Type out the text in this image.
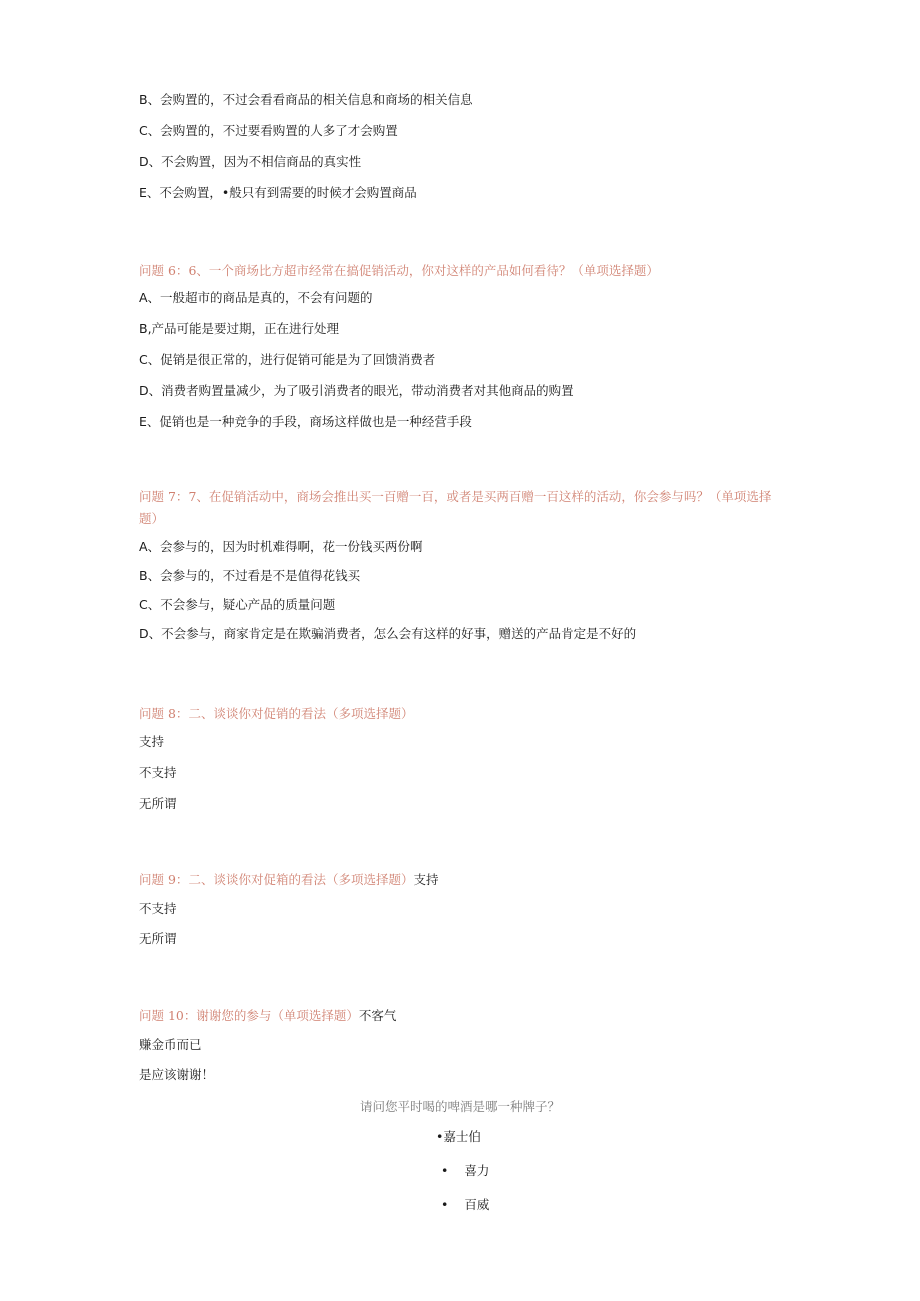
B、会购置的，不过会看看商品的相关信息和商场的相关信息

C、会购置的，不过要看购置的人多了才会购置

D、不会购置，因为不相信商品的真实性

E、不会购置，•般只有到需要的时候才会购置商品

问题 6：6、一个商场比方超市经常在搞促销活动，你对这样的产品如何看待？（单项选择题）

A、一般超市的商品是真的，不会有问题的

B,产品可能是要过期，正在进行处理

C、促销是很正常的，进行促销可能是为了回馈消费者

D、消费者购置量减少，为了吸引消费者的眼光，带动消费者对其他商品的购置

E、促销也是一种竞争的手段，商场这样做也是一种经营手段

问题 7：7、在促销活动中，商场会推出买一百赠一百，或者是买两百赠一百这样的活动，你会参与吗？（单项选择题）

A、会参与的，因为时机难得啊，花一份钱买两份啊

B、会参与的，不过看是不是值得花钱买

C、不会参与，疑心产品的质量问题

D、不会参与，商家肯定是在欺骗消费者，怎么会有这样的好事，赠送的产品肯定是不好的

问题 8：二、谈谈你对促销的看法（多项选择题）

支持

不支持

无所谓

问题 9：二、谈谈你对促箱的看法（多项选择题）支持

不支持

无所谓

问题 10：谢谢您的参与（单项选择题）不客气

赚金币而已

是应该谢谢！

请问您平时喝的啤酒是哪一种牌子？

•嘉士伯
• 喜力
• 百威
